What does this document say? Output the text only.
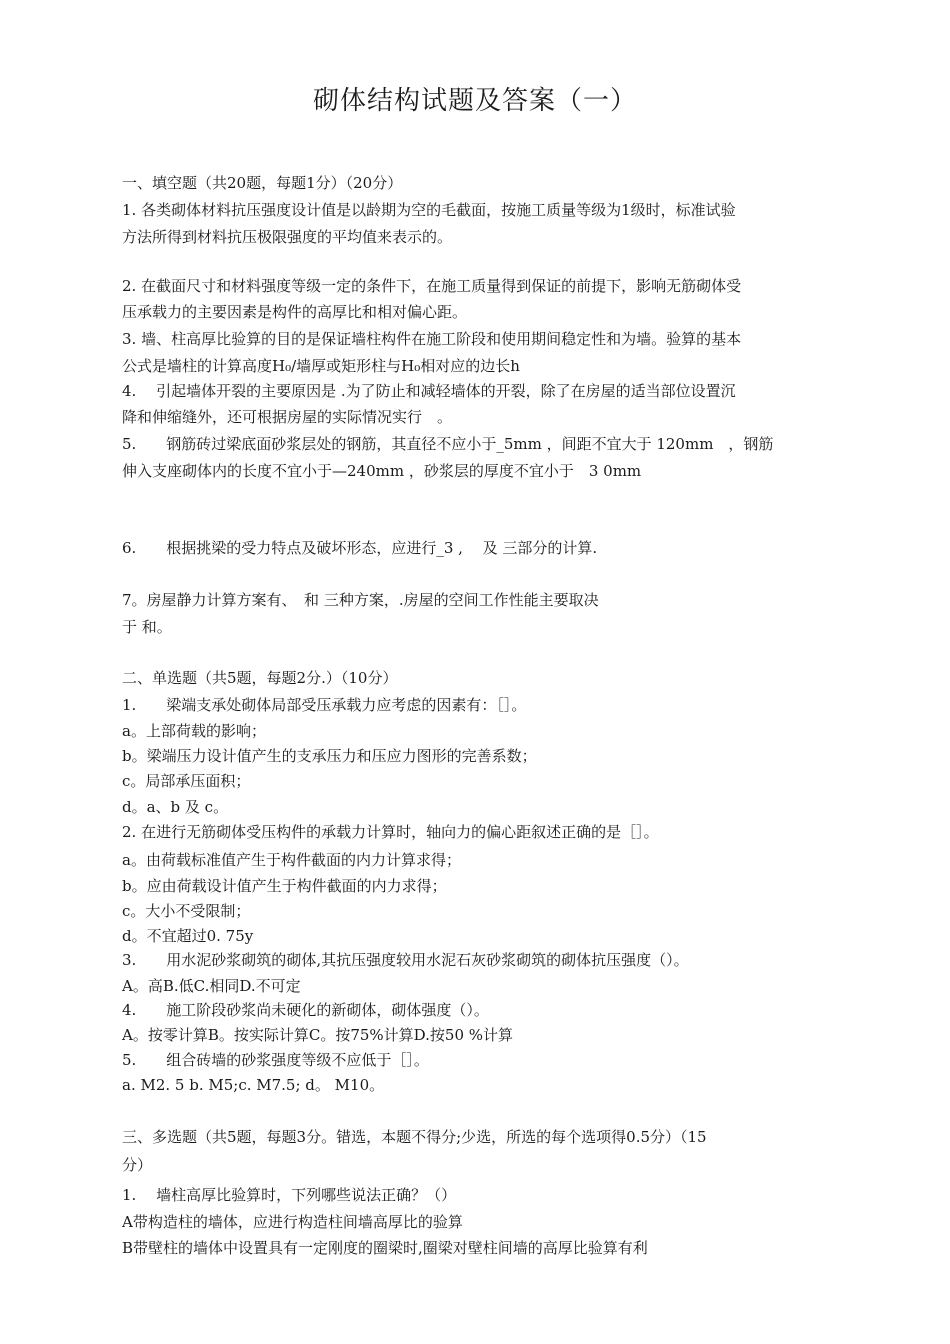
砌体结构试题及答案（一）
一、填空题（共20题，每题1分）（20分）
1. 各类砌体材料抗压强度设计值是以龄期为空的毛截面，按施工质量等级为1级时，标准试验
方法所得到材料抗压极限强度的平均值来表示的。
2. 在截面尺寸和材料强度等级一定的条件下，在施工质量得到保证的前提下，影响无筋砌体受
压承载力的主要因素是构件的高厚比和相对偏心距。
3. 墙、柱高厚比验算的目的是保证墙柱构件在施工阶段和使用期间稳定性和为墙。验算的基本
公式是墙柱的计算高度H₀/墙厚或矩形柱与H₀相对应的边长h
4.　 引起墙体开裂的主要原因是 .为了防止和减轻墙体的开裂，除了在房屋的适当部位设置沉
降和伸缩缝外，还可根据房屋的实际情况实行　。
5.　　钢筋砖过梁底面砂浆层处的钢筋，其直径不应小于_5mm ，间距不宜大于 120mm　，钢筋
伸入支座砌体内的长度不宜小于—240mm ，砂浆层的厚度不宜小于　3 0mm
6.　　根据挑梁的受力特点及破坏形态，应进行_3 ,　 及 三部分的计算.
7。房屋静力计算方案有、　和 三种方案，.房屋的空间工作性能主要取决
于 和。
二、单选题（共5题，每题2分.）（10分）
1.　　梁端支承处砌体局部受压承载力应考虑的因素有：［］。
a。上部荷载的影响；
b。梁端压力设计值产生的支承压力和压应力图形的完善系数；
c。局部承压面积；
d。a、b 及 c。
2. 在进行无筋砌体受压构件的承载力计算时，轴向力的偏心距叙述正确的是［］。
a。由荷载标准值产生于构件截面的内力计算求得；
b。应由荷载设计值产生于构件截面的内力求得；
c。大小不受限制；
d。不宜超过0. 75y
3.　　用水泥砂浆砌筑的砌体,其抗压强度较用水泥石灰砂浆砌筑的砌体抗压强度（）。
A。高B.低C.相同D.不可定
4.　　施工阶段砂浆尚未硬化的新砌体，砌体强度（）。
A。按零计算B。按实际计算C。按75%计算D.按50 %计算
5.　　组合砖墙的砂浆强度等级不应低于［］。
a. M2. 5 b. M5;c. M7.5; d。 M10。
三、多选题（共5题，每题3分。错选，本题不得分;少选，所选的每个选项得0.5分）（15
分）
1.　 墙柱高厚比验算时，下列哪些说法正确？（）
A带构造柱的墙体，应进行构造柱间墙高厚比的验算
B带壁柱的墙体中设置具有一定刚度的圈梁时,圈梁对壁柱间墙的高厚比验算有利
